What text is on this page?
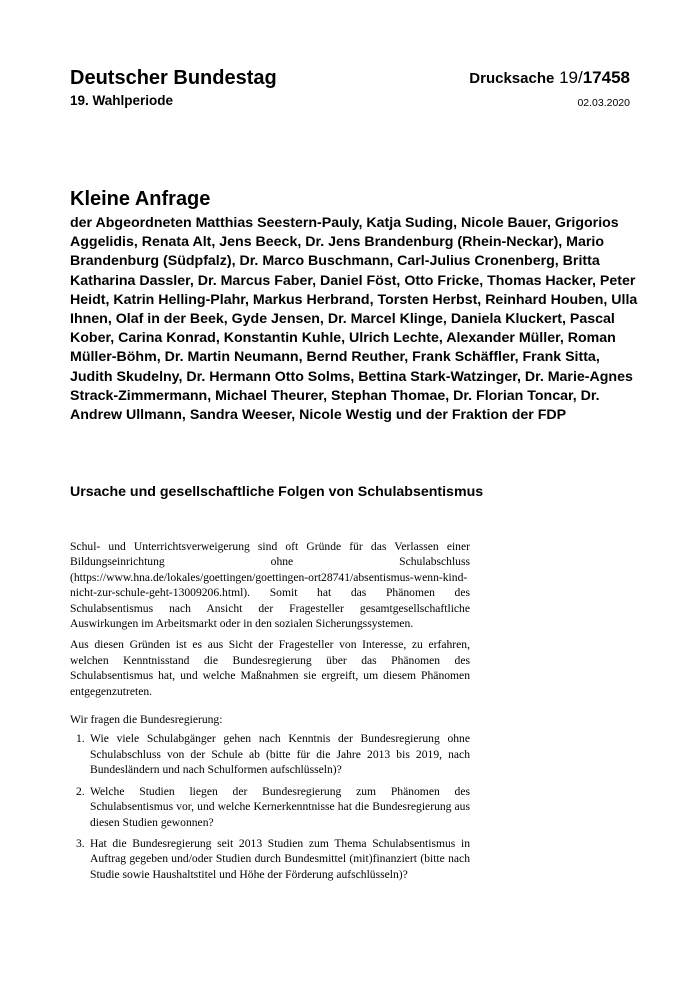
Deutscher Bundestag
19. Wahlperiode
Drucksache 19/17458
02.03.2020
Kleine Anfrage

der Abgeordneten Matthias Seestern-Pauly, Katja Suding, Nicole Bauer, Grigorios Aggelidis, Renata Alt, Jens Beeck, Dr. Jens Brandenburg (Rhein-Neckar), Mario Brandenburg (Südpfalz), Dr. Marco Buschmann, Carl-Julius Cronenberg, Britta Katharina Dassler, Dr. Marcus Faber, Daniel Föst, Otto Fricke, Thomas Hacker, Peter Heidt, Katrin Helling-Plahr, Markus Herbrand, Torsten Herbst, Reinhard Houben, Ulla Ihnen, Olaf in der Beek, Gyde Jensen, Dr. Marcel Klinge, Daniela Kluckert, Pascal Kober, Carina Konrad, Konstantin Kuhle, Ulrich Lechte, Alexander Müller, Roman Müller-Böhm, Dr. Martin Neumann, Bernd Reuther, Frank Schäffler, Frank Sitta, Judith Skudelny, Dr. Hermann Otto Solms, Bettina Stark-Watzinger, Dr. Marie-Agnes Strack-Zimmermann, Michael Theurer, Stephan Thomae, Dr. Florian Toncar, Dr. Andrew Ullmann, Sandra Weeser, Nicole Westig und der Fraktion der FDP

Ursache und gesellschaftliche Folgen von Schulabsentismus

Schul- und Unterrichtsverweigerung sind oft Gründe für das Verlassen einer Bildungseinrichtung ohne Schulabschluss (https://www.hna.de/lokales/goettingen/goettingen-ort28741/absentismus-wenn-kind-nicht-zur-schule-geht-13009206.html). Somit hat das Phänomen des Schulabsentismus nach Ansicht der Fragesteller gesamtgesellschaftliche Auswirkungen im Arbeitsmarkt oder in den sozialen Sicherungssystemen.

Aus diesen Gründen ist es aus Sicht der Fragesteller von Interesse, zu erfahren, welchen Kenntnisstand die Bundesregierung über das Phänomen des Schulabsentismus hat, und welche Maßnahmen sie ergreift, um diesem Phänomen entgegenzutreten.

Wir fragen die Bundesregierung:

1. Wie viele Schulabgänger gehen nach Kenntnis der Bundesregierung ohne Schulabschluss von der Schule ab (bitte für die Jahre 2013 bis 2019, nach Bundesländern und nach Schulformen aufschlüsseln)?
2. Welche Studien liegen der Bundesregierung zum Phänomen des Schulabsentismus vor, und welche Kernerkenntnisse hat die Bundesregierung aus diesen Studien gewonnen?
3. Hat die Bundesregierung seit 2013 Studien zum Thema Schulabsentismus in Auftrag gegeben und/oder Studien durch Bundesmittel (mit)finanziert (bitte nach Studie sowie Haushaltstitel und Höhe der Förderung aufschlüsseln)?
